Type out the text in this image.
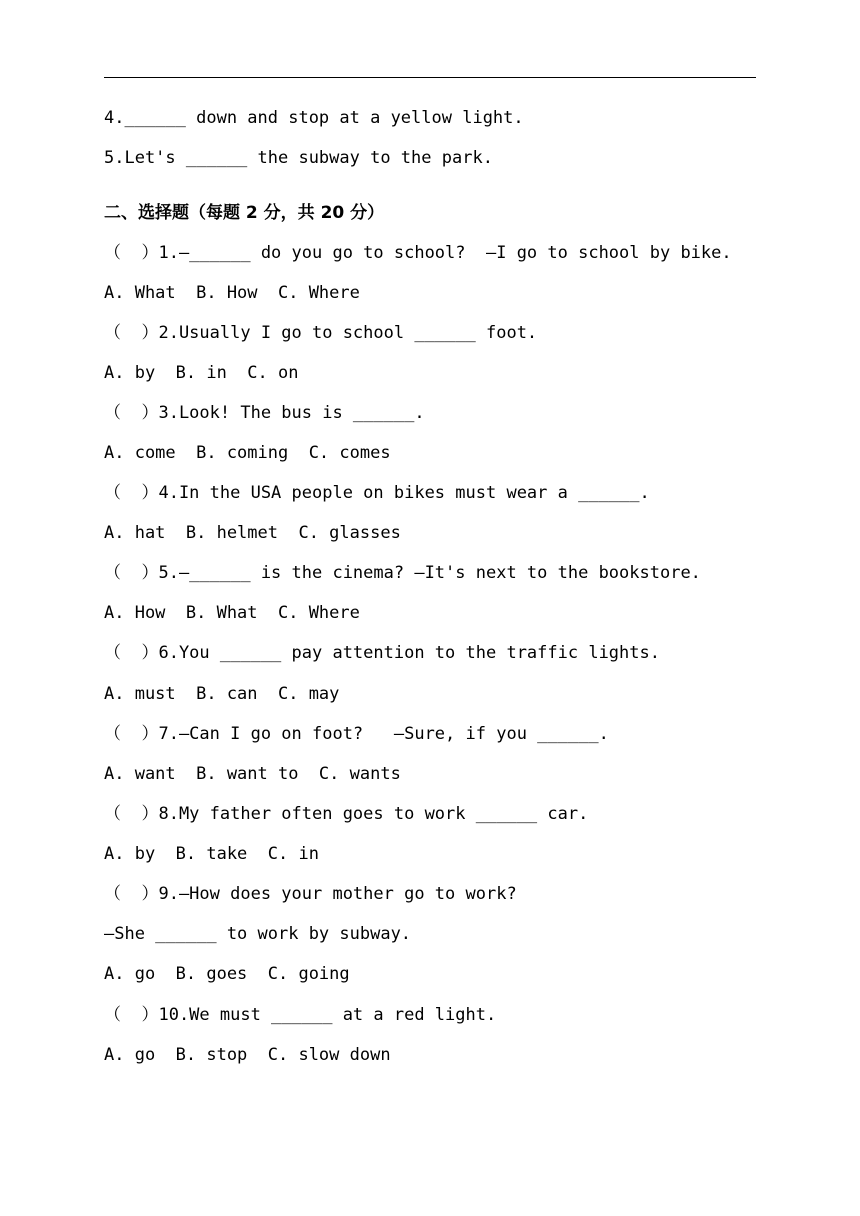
4.______ down and stop at a yellow light.
5.Let's ______ the subway to the park.
二、选择题（每题 2 分，共 20 分）
（  ）1.—______ do you go to school?  —I go to school by bike.
A. What  B. How  C. Where
（  ）2.Usually I go to school ______ foot.
A. by  B. in  C. on
（  ）3.Look! The bus is ______.
A. come  B. coming  C. comes
（  ）4.In the USA people on bikes must wear a ______.
A. hat  B. helmet  C. glasses
（  ）5.—______ is the cinema? —It's next to the bookstore.
A. How  B. What  C. Where
（  ）6.You ______ pay attention to the traffic lights.
A. must  B. can  C. may
（  ）7.—Can I go on foot?   —Sure, if you ______.
A. want  B. want to  C. wants
（  ）8.My father often goes to work ______ car.
A. by  B. take  C. in
（  ）9.—How does your mother go to work?
—She ______ to work by subway.
A. go  B. goes  C. going
（  ）10.We must ______ at a red light.
A. go  B. stop  C. slow down
